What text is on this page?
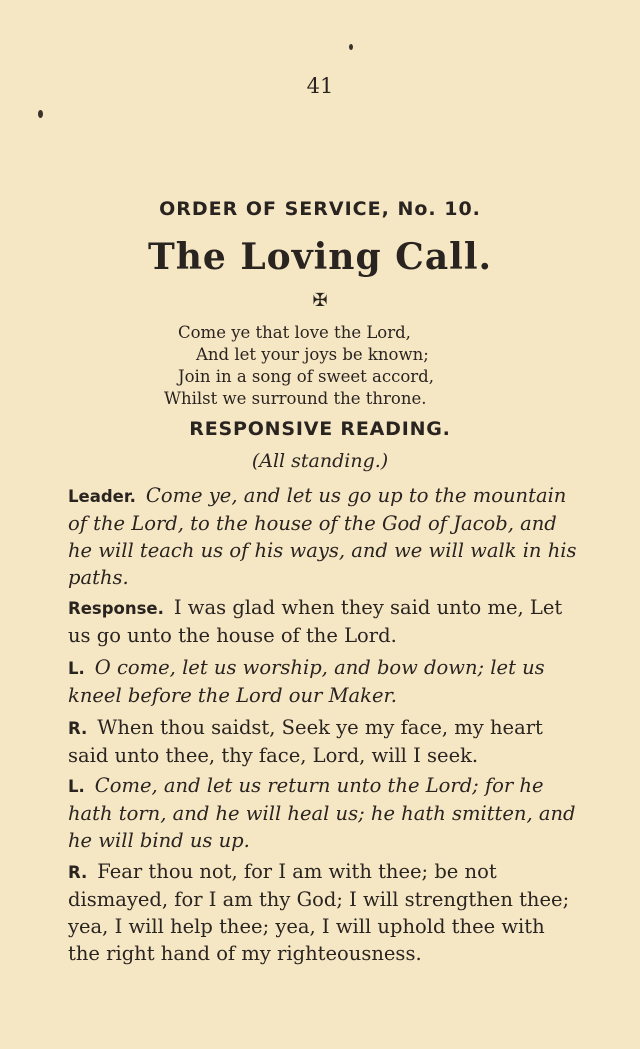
41
ORDER OF SERVICE, No. 10.
The Loving Call.
✠
Come ye that love the Lord,
And let your joys be known;
Join in a song of sweet accord,
Whilst we surround the throne.
RESPONSIVE READING.
(All standing.)
Leader. Come ye, and let us go up to the mountain of the Lord, to the house of the God of Jacob, and he will teach us of his ways, and we will walk in his paths.
Response. I was glad when they said unto me, Let us go unto the house of the Lord.
L. O come, let us worship, and bow down; let us kneel before the Lord our Maker.
R. When thou saidst, Seek ye my face, my heart said unto thee, thy face, Lord, will I seek.
L. Come, and let us return unto the Lord; for he hath torn, and he will heal us; he hath smitten, and he will bind us up.
R. Fear thou not, for I am with thee; be not dismayed, for I am thy God; I will strengthen thee; yea, I will help thee; yea, I will uphold thee with the right hand of my righteousness.
